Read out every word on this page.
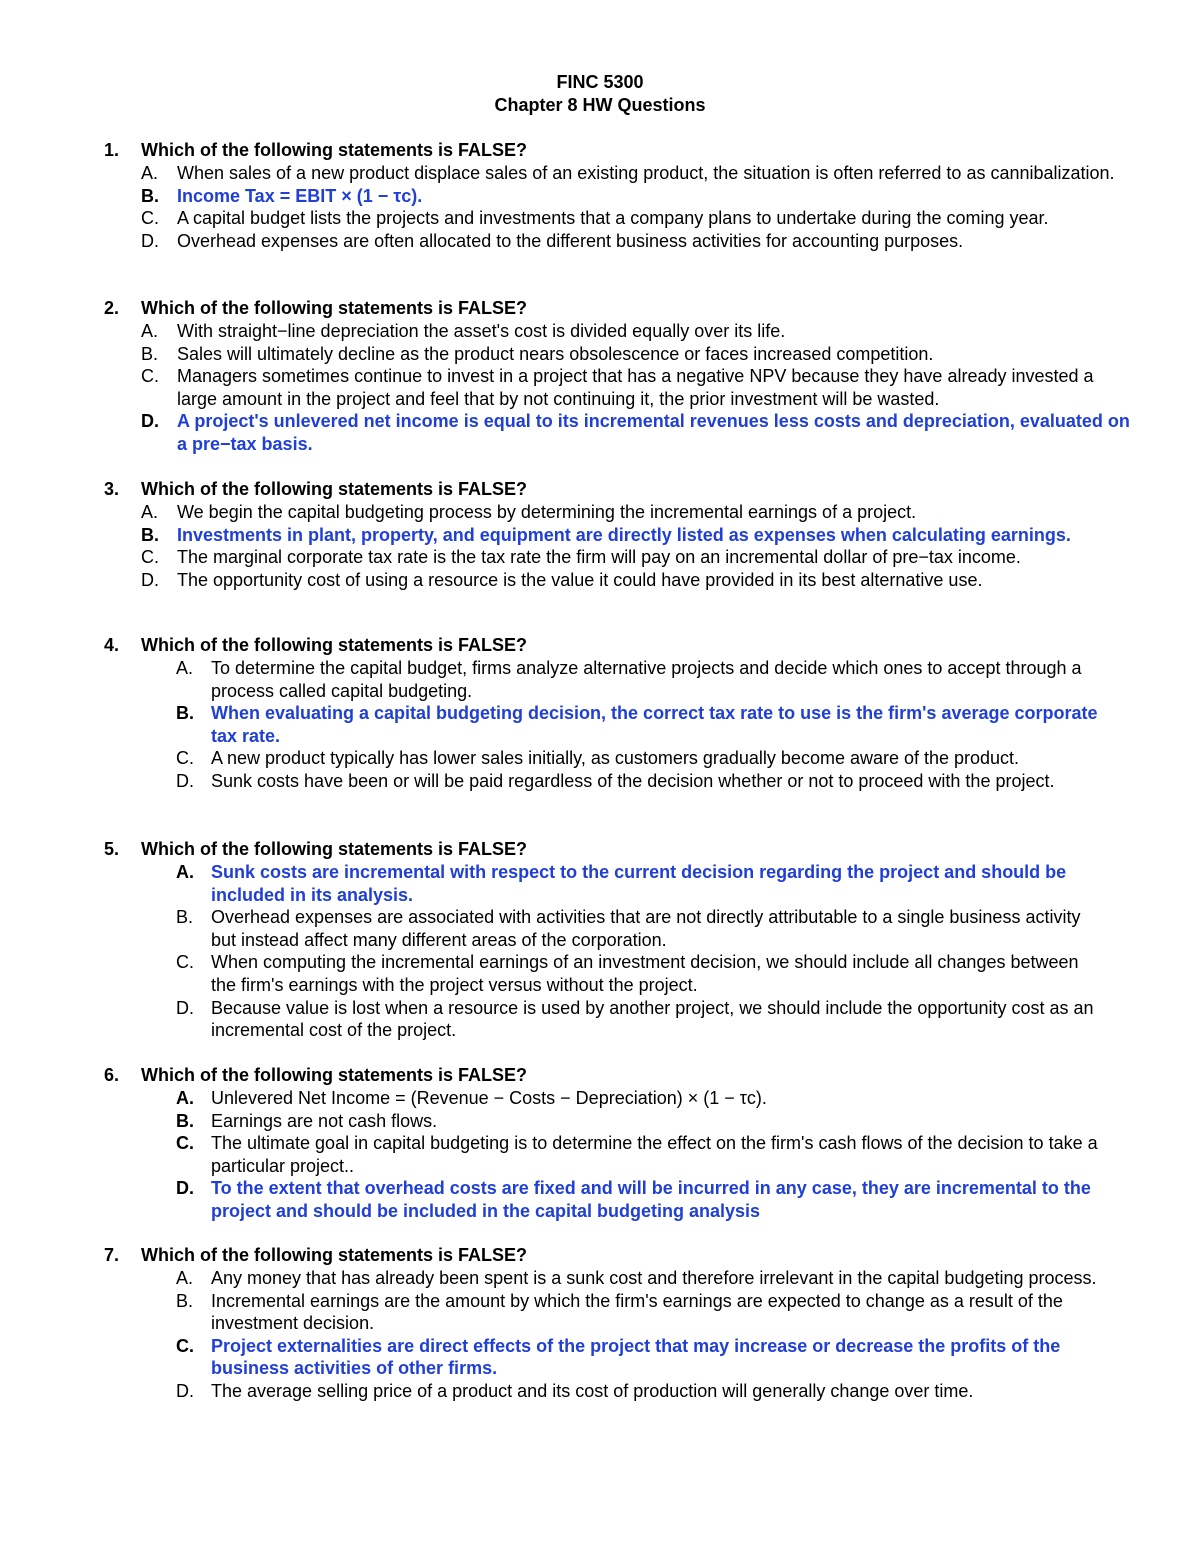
FINC 5300
Chapter 8 HW Questions
1. Which of the following statements is FALSE?
A. When sales of a new product displace sales of an existing product, the situation is often referred to as cannibalization.
B. Income Tax = EBIT × (1 − τc).
C. A capital budget lists the projects and investments that a company plans to undertake during the coming year.
D. Overhead expenses are often allocated to the different business activities for accounting purposes.
2. Which of the following statements is FALSE?
A. With straight−line depreciation the asset's cost is divided equally over its life.
B. Sales will ultimately decline as the product nears obsolescence or faces increased competition.
C. Managers sometimes continue to invest in a project that has a negative NPV because they have already invested a large amount in the project and feel that by not continuing it, the prior investment will be wasted.
D. A project's unlevered net income is equal to its incremental revenues less costs and depreciation, evaluated on a pre−tax basis.
3. Which of the following statements is FALSE?
A. We begin the capital budgeting process by determining the incremental earnings of a project.
B. Investments in plant, property, and equipment are directly listed as expenses when calculating earnings.
C. The marginal corporate tax rate is the tax rate the firm will pay on an incremental dollar of pre−tax income.
D. The opportunity cost of using a resource is the value it could have provided in its best alternative use.
4. Which of the following statements is FALSE?
A. To determine the capital budget, firms analyze alternative projects and decide which ones to accept through a process called capital budgeting.
B. When evaluating a capital budgeting decision, the correct tax rate to use is the firm's average corporate tax rate.
C. A new product typically has lower sales initially, as customers gradually become aware of the product.
D. Sunk costs have been or will be paid regardless of the decision whether or not to proceed with the project.
5. Which of the following statements is FALSE?
A. Sunk costs are incremental with respect to the current decision regarding the project and should be included in its analysis.
B. Overhead expenses are associated with activities that are not directly attributable to a single business activity but instead affect many different areas of the corporation.
C. When computing the incremental earnings of an investment decision, we should include all changes between the firm's earnings with the project versus without the project.
D. Because value is lost when a resource is used by another project, we should include the opportunity cost as an incremental cost of the project.
6. Which of the following statements is FALSE?
A. Unlevered Net Income = (Revenue − Costs − Depreciation) × (1 − τc).
B. Earnings are not cash flows.
C. The ultimate goal in capital budgeting is to determine the effect on the firm's cash flows of the decision to take a particular project..
D. To the extent that overhead costs are fixed and will be incurred in any case, they are incremental to the project and should be included in the capital budgeting analysis
7. Which of the following statements is FALSE?
A. Any money that has already been spent is a sunk cost and therefore irrelevant in the capital budgeting process.
B. Incremental earnings are the amount by which the firm's earnings are expected to change as a result of the investment decision.
C. Project externalities are direct effects of the project that may increase or decrease the profits of the business activities of other firms.
D. The average selling price of a product and its cost of production will generally change over time.
